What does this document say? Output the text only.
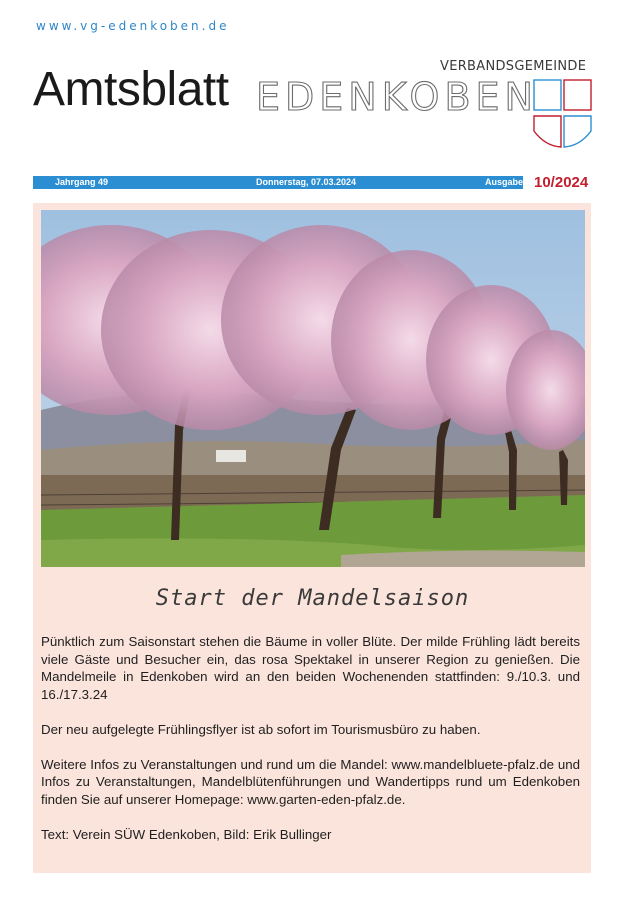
www.vg-edenkoben.de
Amtsblatt	VERBANDSGEMEINDE
EDENKOBEN
Jahrgang 49	Donnerstag, 07.03.2024	Ausgabe 10/2024
Start der Mandelsaison

Pünktlich zum Saisonstart stehen die Bäume in voller Blüte. Der milde Frühling lädt bereits viele Gäste und Besucher ein, das rosa Spektakel in unserer Region zu genießen. Die Mandelmeile in Edenkoben wird an den beiden Wochenenden stattfinden: 9./10.3. und 16./17.3.24

Der neu aufgelegte Frühlingsflyer ist ab sofort im Tourismusbüro zu haben.

Weitere Infos zu Veranstaltungen und rund um die Mandel: www.mandelbluete-pfalz.de und Infos zu Veranstaltungen, Mandelblütenführungen und Wandertipps rund um Edenkoben finden Sie auf unserer Homepage: www.garten-eden-pfalz.de.

Text: Verein SÜW Edenkoben, Bild: Erik Bullinger
